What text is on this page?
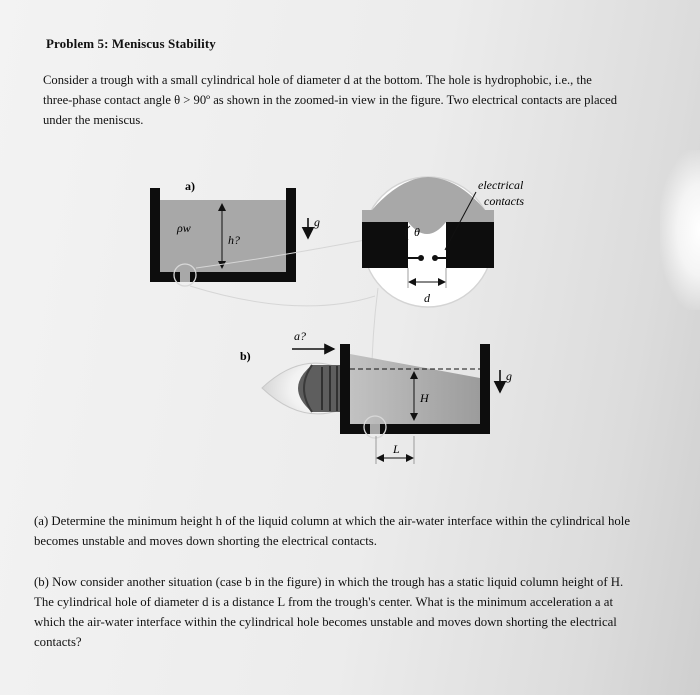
Problem 5: Meniscus Stability
Consider a trough with a small cylindrical hole of diameter d at the bottom. The hole is hydrophobic, i.e., the three-phase contact angle θ > 90º as shown in the zoomed-in view in the figure. Two electrical contacts are placed under the meniscus.
a)
ρw
h?
g
θ
d
electrical
contacts
b)
a?
H
g
L
(a) Determine the minimum height h of the liquid column at which the air-water interface within the cylindrical hole becomes unstable and moves down shorting the electrical contacts.
(b) Now consider another situation (case b in the figure) in which the trough has a static liquid column height of H. The cylindrical hole of diameter d is a distance L from the trough's center. What is the minimum acceleration a at which the air-water interface within the cylindrical hole becomes unstable and moves down shorting the electrical contacts?
